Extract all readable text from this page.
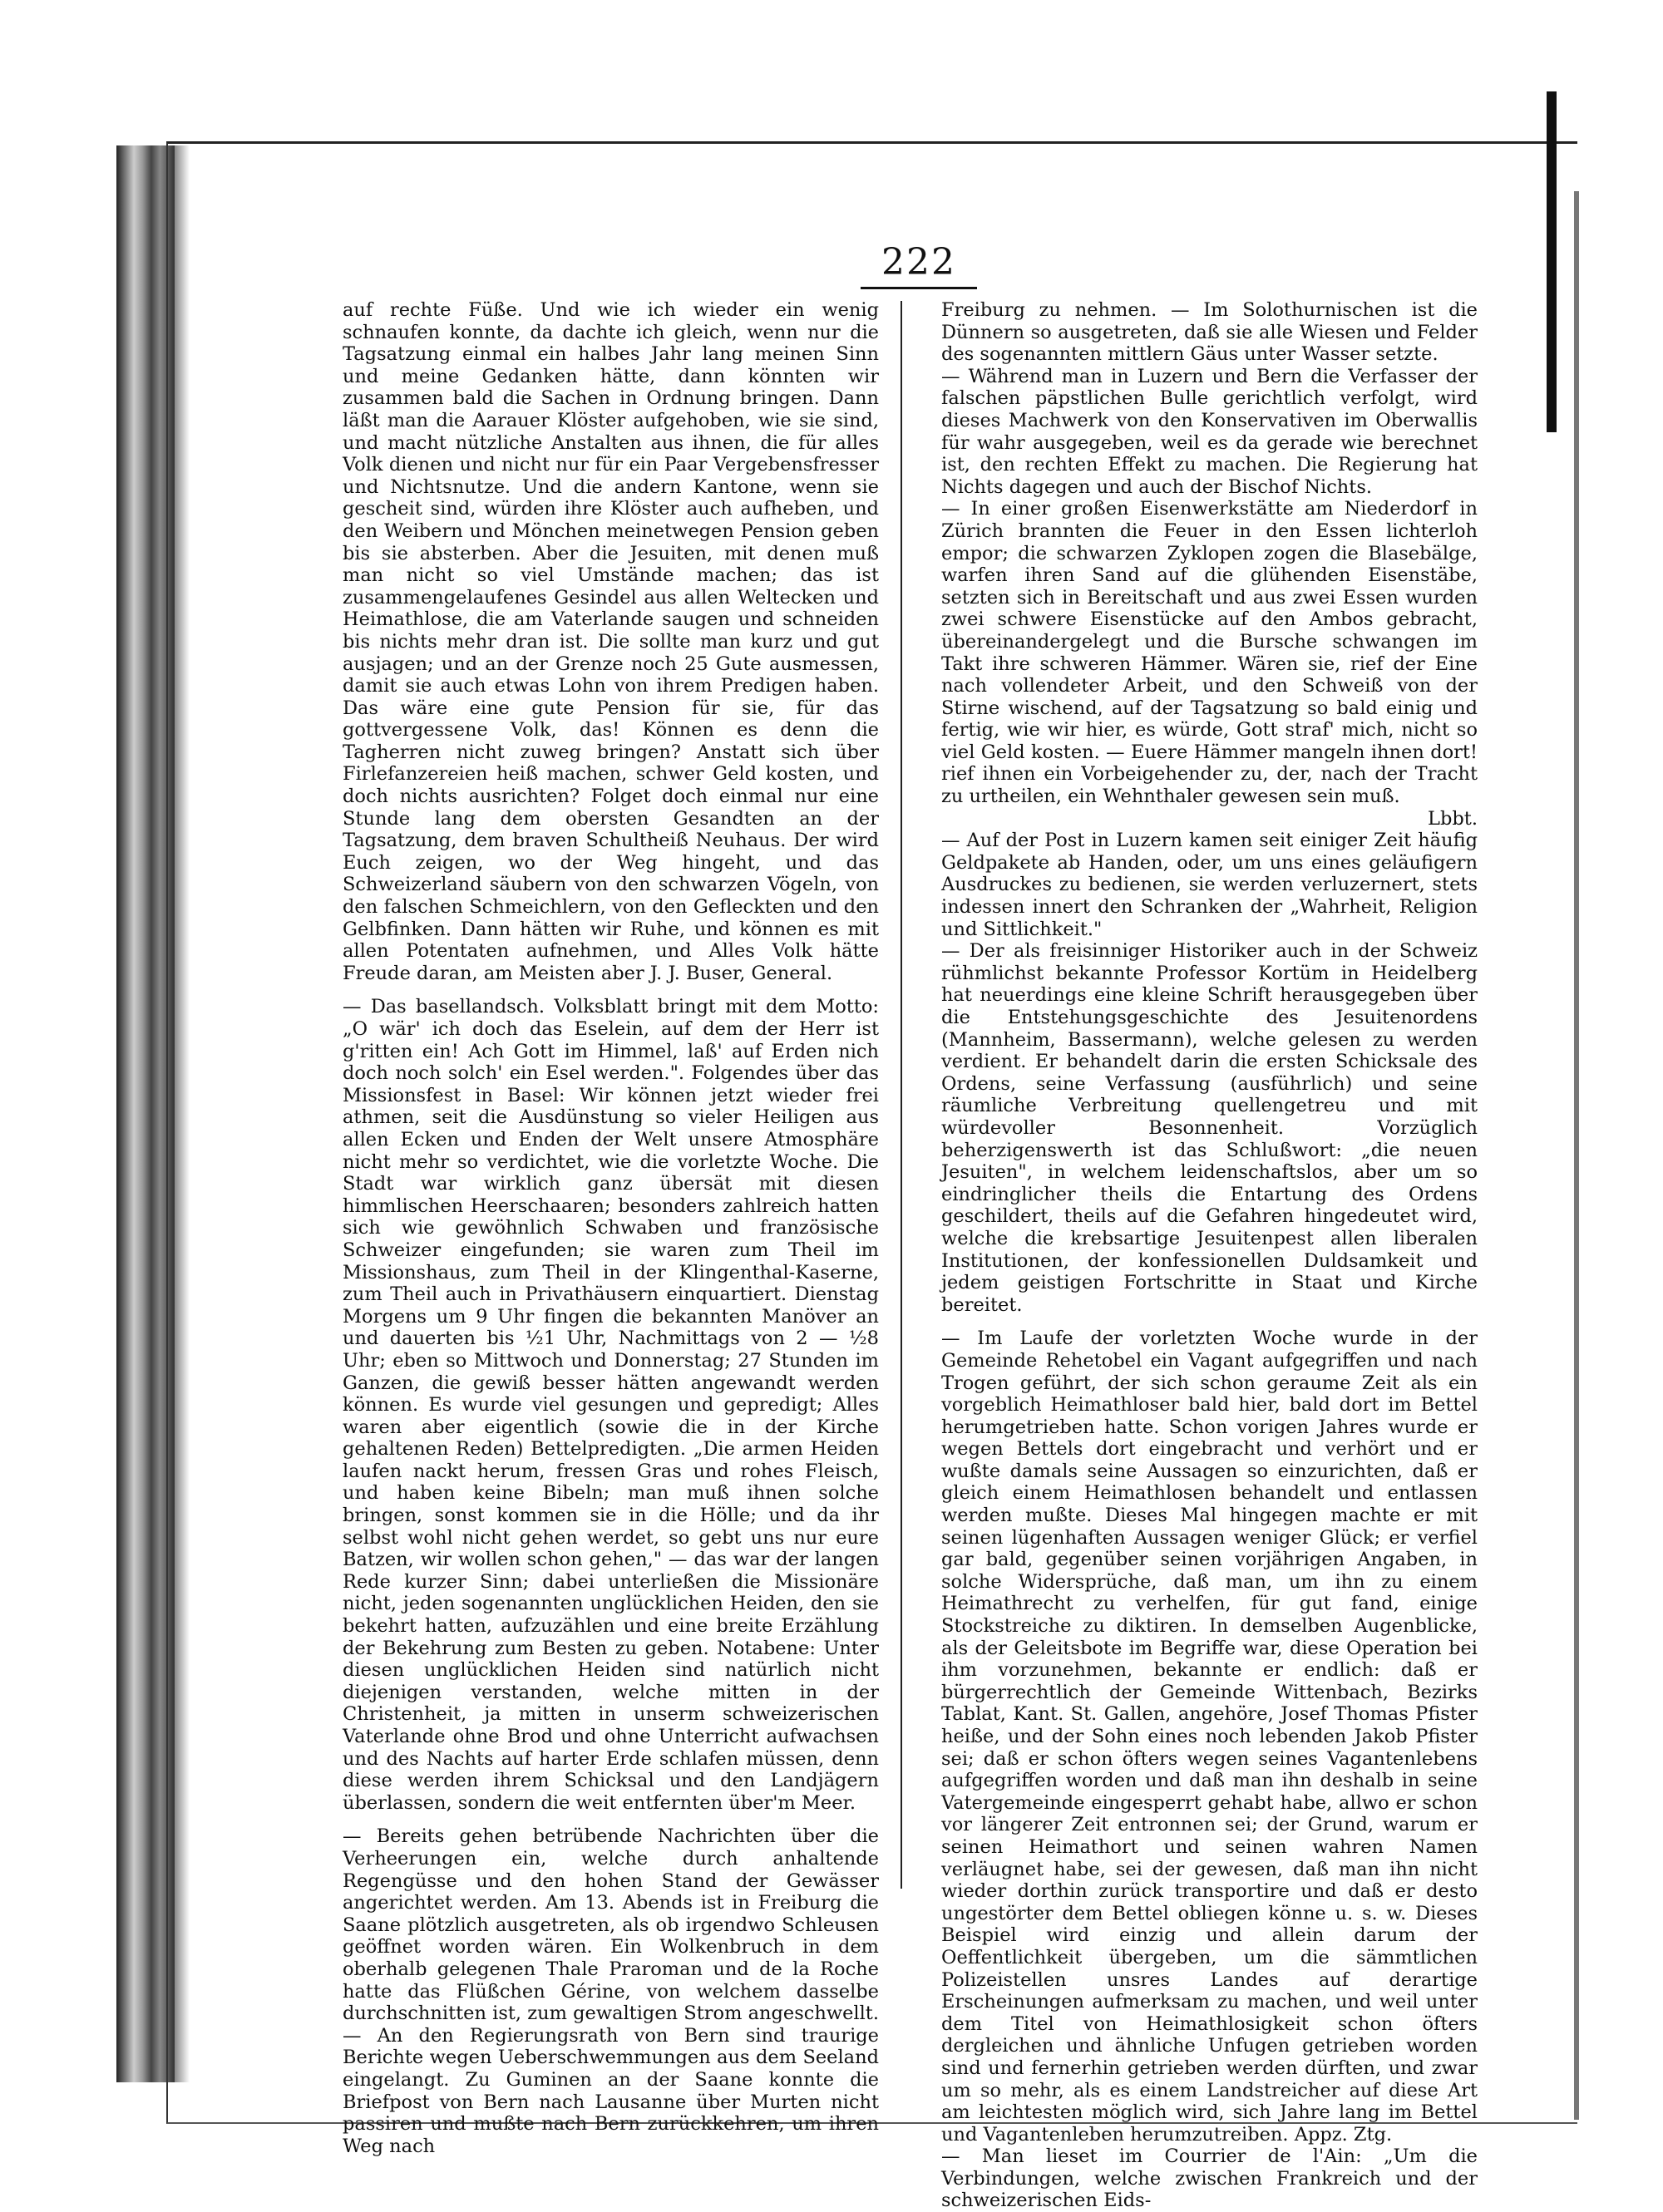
222

auf rechte Füße. Und wie ich wieder ein wenig schnaufen konnte, da dachte ich gleich, wenn nur die Tagsatzung einmal ein halbes Jahr lang meinen Sinn und meine Gedanken hätte, dann könnten wir zusammen bald die Sachen in Ordnung bringen. Dann läßt man die Aarauer Klöster aufgehoben, wie sie sind, und macht nützliche Anstalten aus ihnen, die für alles Volk dienen und nicht nur für ein Paar Vergebensfresser und Nichtsnutze. Und die andern Kantone, wenn sie gescheit sind, würden ihre Klöster auch aufheben, und den Weibern und Mönchen meinetwegen Pension geben bis sie absterben. Aber die Jesuiten, mit denen muß man nicht so viel Umstände machen; das ist zusammengelaufenes Gesindel aus allen Weltecken und Heimathlose, die am Vaterlande saugen und schneiden bis nichts mehr dran ist. Die sollte man kurz und gut ausjagen; und an der Grenze noch 25 Gute ausmessen, damit sie auch etwas Lohn von ihrem Predigen haben. Das wäre eine gute Pension für sie, für das gottvergessene Volk, das! Können es denn die Tagherren nicht zuweg bringen? Anstatt sich über Firlefanzereien heiß machen, schwer Geld kosten, und doch nichts ausrichten? Folget doch einmal nur eine Stunde lang dem obersten Gesandten an der Tagsatzung, dem braven Schultheiß Neuhaus. Der wird Euch zeigen, wo der Weg hingeht, und das Schweizerland säubern von den schwarzen Vögeln, von den falschen Schmeichlern, von den Gefleckten und den Gelbfinken. Dann hätten wir Ruhe, und können es mit allen Potentaten aufnehmen, und Alles Volk hätte Freude daran, am Meisten aber J. J. Buser, General.

— Das basellandsch. Volksblatt bringt mit dem Motto: „O wär' ich doch das Eselein, auf dem der Herr ist g'ritten ein! Ach Gott im Himmel, laß' auf Erden nich doch noch solch' ein Esel werden.". Folgendes über das Missionsfest in Basel: Wir können jetzt wieder frei athmen, seit die Ausdünstung so vieler Heiligen aus allen Ecken und Enden der Welt unsere Atmosphäre nicht mehr so verdichtet, wie die vorletzte Woche. Die Stadt war wirklich ganz übersät mit diesen himmlischen Heerschaaren; besonders zahlreich hatten sich wie gewöhnlich Schwaben und französische Schweizer eingefunden; sie waren zum Theil im Missionshaus, zum Theil in der Klingenthal-Kaserne, zum Theil auch in Privathäusern einquartiert. Dienstag Morgens um 9 Uhr fingen die bekannten Manöver an und dauerten bis ½1 Uhr, Nachmittags von 2 — ½8 Uhr; eben so Mittwoch und Donnerstag; 27 Stunden im Ganzen, die gewiß besser hätten angewandt werden können. Es wurde viel gesungen und gepredigt; Alles waren aber eigentlich (sowie die in der Kirche gehaltenen Reden) Bettelpredigten. „Die armen Heiden laufen nackt herum, fressen Gras und rohes Fleisch, und haben keine Bibeln; man muß ihnen solche bringen, sonst kommen sie in die Hölle; und da ihr selbst wohl nicht gehen werdet, so gebt uns nur eure Batzen, wir wollen schon gehen," — das war der langen Rede kurzer Sinn; dabei unterließen die Missionäre nicht, jeden sogenannten unglücklichen Heiden, den sie bekehrt hatten, aufzuzählen und eine breite Erzählung der Bekehrung zum Besten zu geben. Notabene: Unter diesen unglücklichen Heiden sind natürlich nicht diejenigen verstanden, welche mitten in der Christenheit, ja mitten in unserm schweizerischen Vaterlande ohne Brod und ohne Unterricht aufwachsen und des Nachts auf harter Erde schlafen müssen, denn diese werden ihrem Schicksal und den Landjägern überlassen, sondern die weit entfernten über'm Meer.

— Bereits gehen betrübende Nachrichten über die Verheerungen ein, welche durch anhaltende Regengüsse und den hohen Stand der Gewässer angerichtet werden. Am 13. Abends ist in Freiburg die Saane plötzlich ausgetreten, als ob irgendwo Schleusen geöffnet worden wären. Ein Wolkenbruch in dem oberhalb gelegenen Thale Praroman und de la Roche hatte das Flüßchen Gérine, von welchem dasselbe durchschnitten ist, zum gewaltigen Strom angeschwellt. — An den Regierungsrath von Bern sind traurige Berichte wegen Ueberschwemmungen aus dem Seeland eingelangt. Zu Guminen an der Saane konnte die Briefpost von Bern nach Lausanne über Murten nicht passiren und mußte nach Bern zurückkehren, um ihren Weg nach

Freiburg zu nehmen. — Im Solothurnischen ist die Dünnern so ausgetreten, daß sie alle Wiesen und Felder des sogenannten mittlern Gäus unter Wasser setzte.

— Während man in Luzern und Bern die Verfasser der falschen päpstlichen Bulle gerichtlich verfolgt, wird dieses Machwerk von den Konservativen im Oberwallis für wahr ausgegeben, weil es da gerade wie berechnet ist, den rechten Effekt zu machen. Die Regierung hat Nichts dagegen und auch der Bischof Nichts.

— In einer großen Eisenwerkstätte am Niederdorf in Zürich brannten die Feuer in den Essen lichterloh empor; die schwarzen Zyklopen zogen die Blasebälge, warfen ihren Sand auf die glühenden Eisenstäbe, setzten sich in Bereitschaft und aus zwei Essen wurden zwei schwere Eisenstücke auf den Ambos gebracht, übereinandergelegt und die Bursche schwangen im Takt ihre schweren Hämmer. Wären sie, rief der Eine nach vollendeter Arbeit, und den Schweiß von der Stirne wischend, auf der Tagsatzung so bald einig und fertig, wie wir hier, es würde, Gott straf' mich, nicht so viel Geld kosten. — Euere Hämmer mangeln ihnen dort! rief ihnen ein Vorbeigehender zu, der, nach der Tracht zu urtheilen, ein Wehnthaler gewesen sein muß.

Lbbt.

— Auf der Post in Luzern kamen seit einiger Zeit häufig Geldpakete ab Handen, oder, um uns eines geläufigern Ausdruckes zu bedienen, sie werden verluzernert, stets indessen innert den Schranken der „Wahrheit, Religion und Sittlichkeit."

— Der als freisinniger Historiker auch in der Schweiz rühmlichst bekannte Professor Kortüm in Heidelberg hat neuerdings eine kleine Schrift herausgegeben über die Entstehungsgeschichte des Jesuitenordens (Mannheim, Bassermann), welche gelesen zu werden verdient. Er behandelt darin die ersten Schicksale des Ordens, seine Verfassung (ausführlich) und seine räumliche Verbreitung quellengetreu und mit würdevoller Besonnenheit. Vorzüglich beherzigenswerth ist das Schlußwort: „die neuen Jesuiten", in welchem leidenschaftslos, aber um so eindringlicher theils die Entartung des Ordens geschildert, theils auf die Gefahren hingedeutet wird, welche die krebsartige Jesuitenpest allen liberalen Institutionen, der konfessionellen Duldsamkeit und jedem geistigen Fortschritte in Staat und Kirche bereitet.

— Im Laufe der vorletzten Woche wurde in der Gemeinde Rehetobel ein Vagant aufgegriffen und nach Trogen geführt, der sich schon geraume Zeit als ein vorgeblich Heimathloser bald hier, bald dort im Bettel herumgetrieben hatte. Schon vorigen Jahres wurde er wegen Bettels dort eingebracht und verhört und er wußte damals seine Aussagen so einzurichten, daß er gleich einem Heimathlosen behandelt und entlassen werden mußte. Dieses Mal hingegen machte er mit seinen lügenhaften Aussagen weniger Glück; er verfiel gar bald, gegenüber seinen vorjährigen Angaben, in solche Widersprüche, daß man, um ihn zu einem Heimathrecht zu verhelfen, für gut fand, einige Stockstreiche zu diktiren. In demselben Augenblicke, als der Geleitsbote im Begriffe war, diese Operation bei ihm vorzunehmen, bekannte er endlich: daß er bürgerrechtlich der Gemeinde Wittenbach, Bezirks Tablat, Kant. St. Gallen, angehöre, Josef Thomas Pfister heiße, und der Sohn eines noch lebenden Jakob Pfister sei; daß er schon öfters wegen seines Vagantenlebens aufgegriffen worden und daß man ihn deshalb in seine Vatergemeinde eingesperrt gehabt habe, allwo er schon vor längerer Zeit entronnen sei; der Grund, warum er seinen Heimathort und seinen wahren Namen verläugnet habe, sei der gewesen, daß man ihn nicht wieder dorthin zurück transportire und daß er desto ungestörter dem Bettel obliegen könne u. s. w. Dieses Beispiel wird einzig und allein darum der Oeffentlichkeit übergeben, um die sämmtlichen Polizeistellen unsres Landes auf derartige Erscheinungen aufmerksam zu machen, und weil unter dem Titel von Heimathlosigkeit schon öfters dergleichen und ähnliche Unfugen getrieben worden sind und fernerhin getrieben werden dürften, und zwar um so mehr, als es einem Landstreicher auf diese Art am leichtesten möglich wird, sich Jahre lang im Bettel und Vagantenleben herumzutreiben. Appz. Ztg.

— Man lieset im Courrier de l'Ain: „Um die Verbindungen, welche zwischen Frankreich und der schweizerischen Eids-
